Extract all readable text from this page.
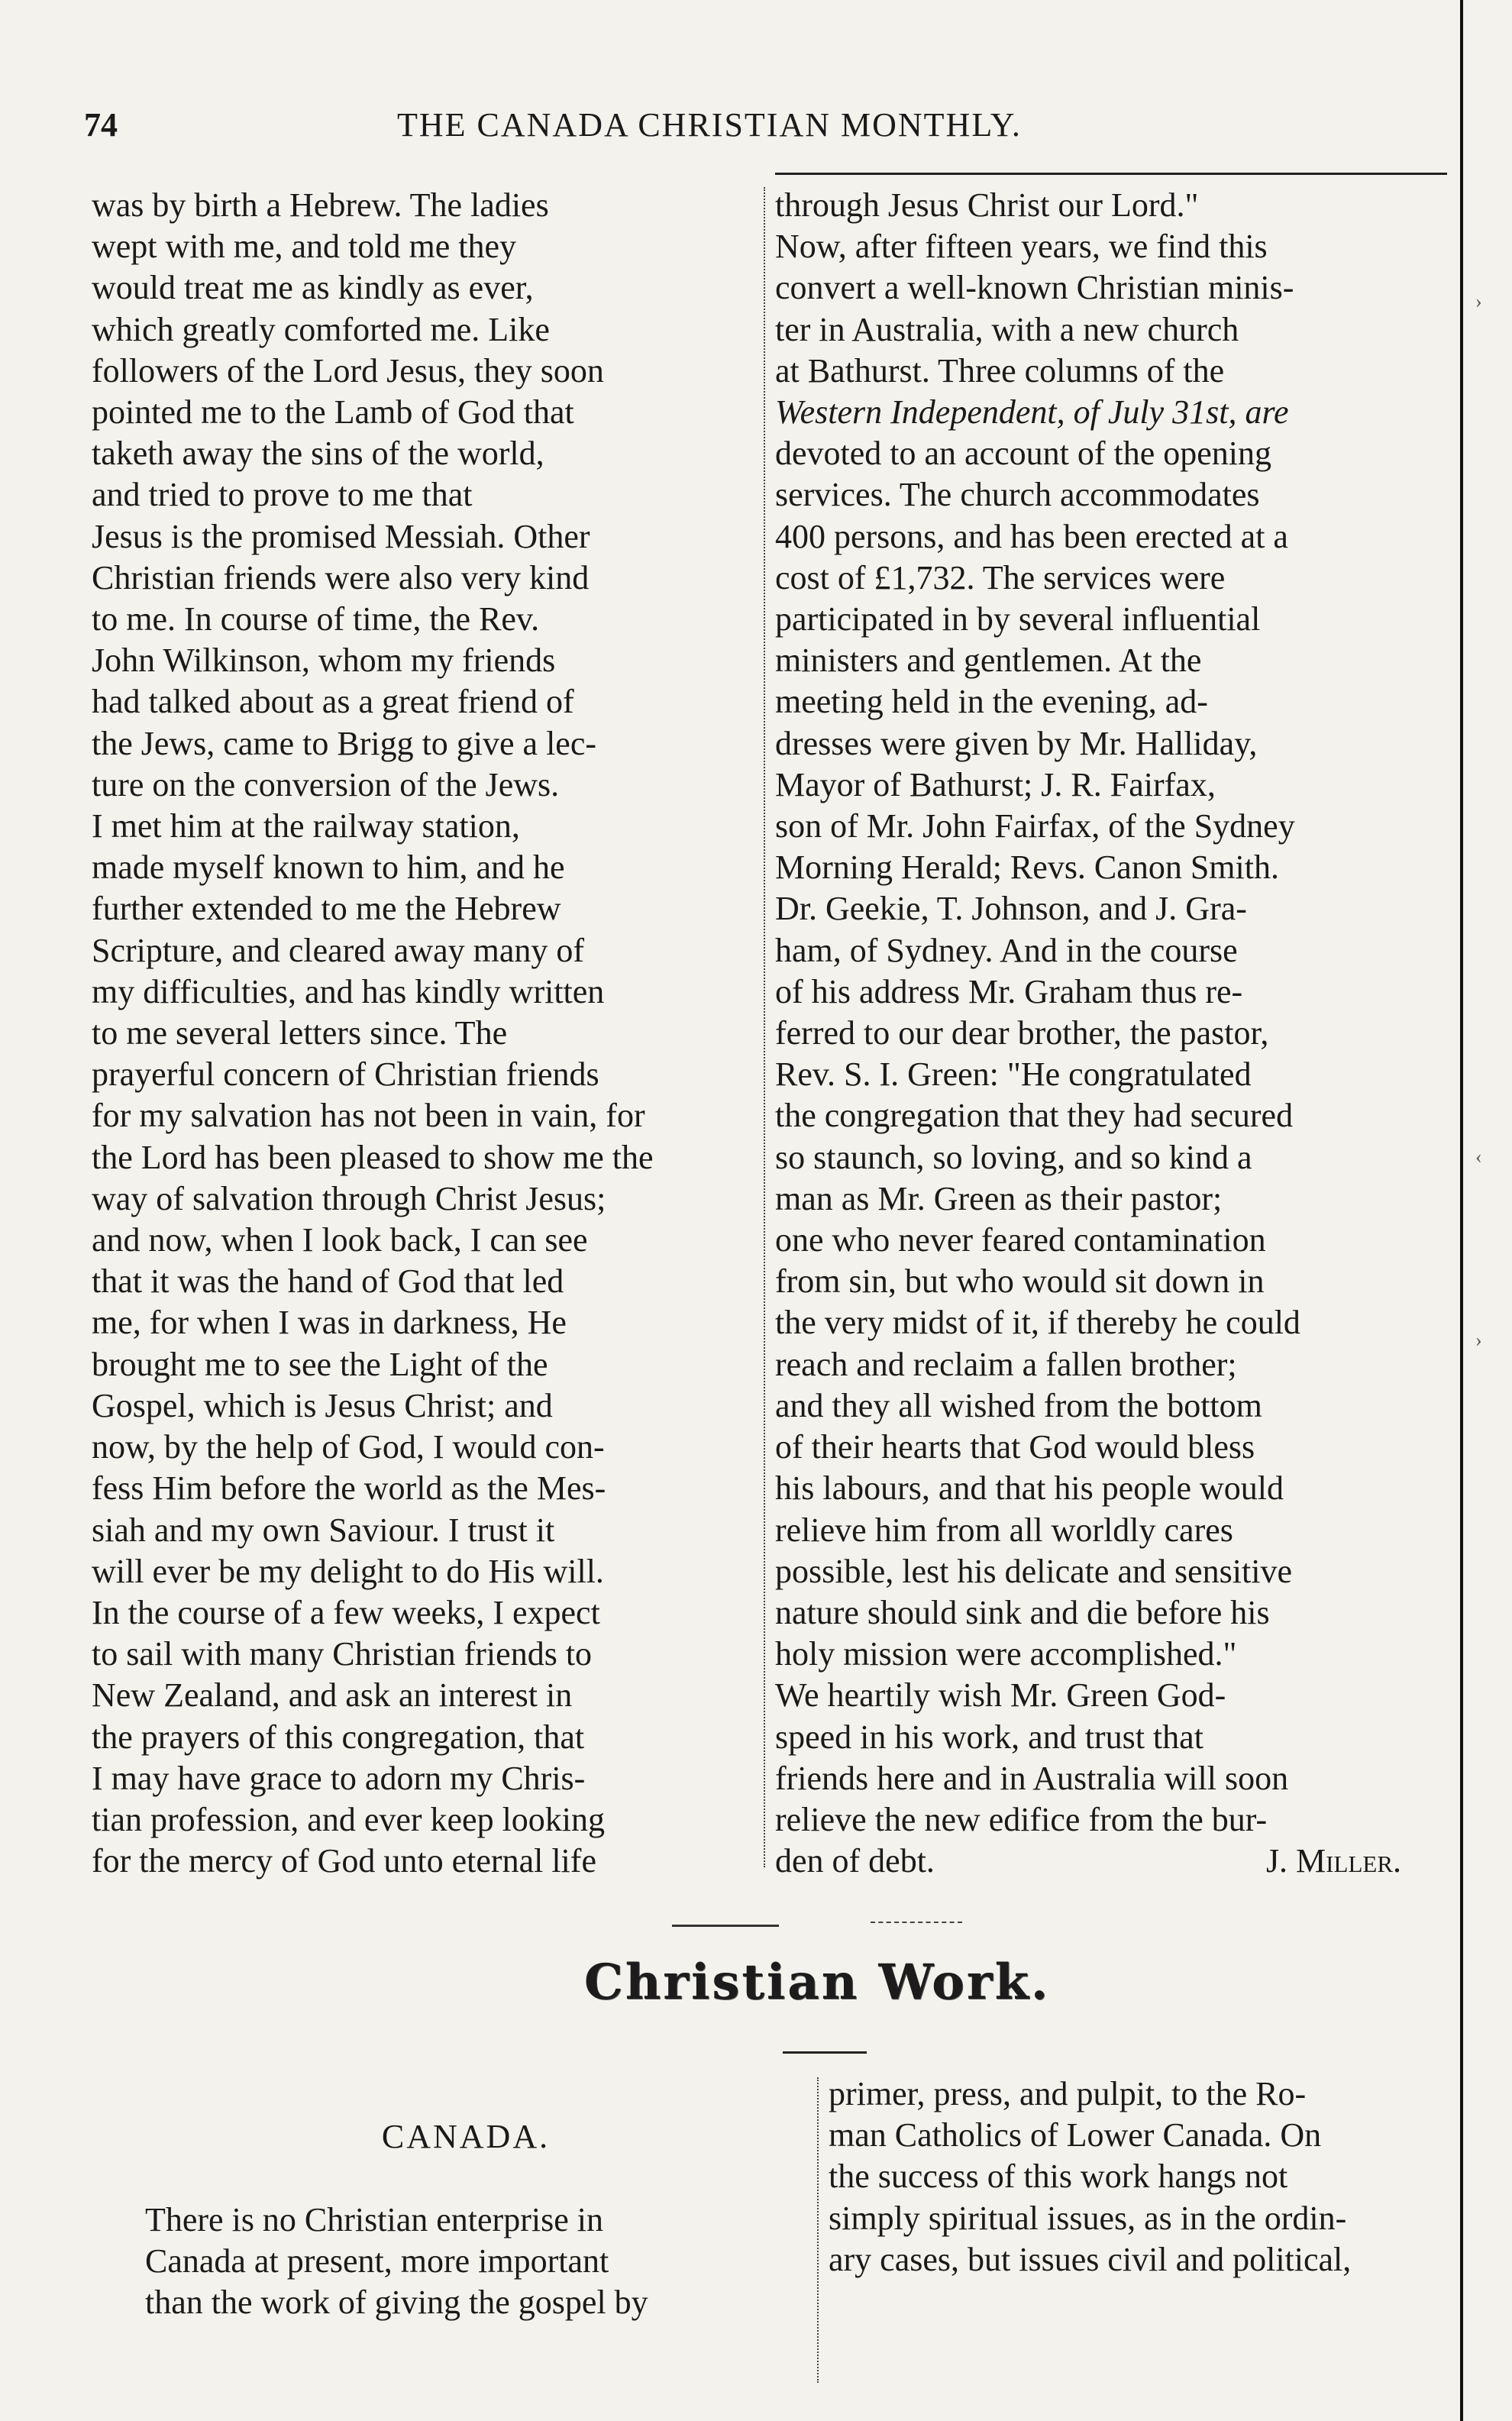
74	THE CANADA CHRISTIAN MONTHLY.
›
‹
›
was by birth a Hebrew. The ladies
wept with me, and told me they
would treat me as kindly as ever,
which greatly comforted me. Like
followers of the Lord Jesus, they soon
pointed me to the Lamb of God that
taketh away the sins of the world,
and tried to prove to me that
Jesus is the promised Messiah. Other
Christian friends were also very kind
to me. In course of time, the Rev.
John Wilkinson, whom my friends
had talked about as a great friend of
the Jews, came to Brigg to give a lec-
ture on the conversion of the Jews.
I met him at the railway station,
made myself known to him, and he
further extended to me the Hebrew
Scripture, and cleared away many of
my difficulties, and has kindly written
to me several letters since. The
prayerful concern of Christian friends
for my salvation has not been in vain, for
the Lord has been pleased to show me the
way of salvation through Christ Jesus;
and now, when I look back, I can see
that it was the hand of God that led
me, for when I was in darkness, He
brought me to see the Light of the
Gospel, which is Jesus Christ; and
now, by the help of God, I would con-
fess Him before the world as the Mes-
siah and my own Saviour. I trust it
will ever be my delight to do His will.
In the course of a few weeks, I expect
to sail with many Christian friends to
New Zealand, and ask an interest in
the prayers of this congregation, that
I may have grace to adorn my Chris-
tian profession, and ever keep looking
for the mercy of God unto eternal life
through Jesus Christ our Lord."
Now, after fifteen years, we find this
convert a well-known Christian minis-
ter in Australia, with a new church
at Bathurst. Three columns of the
Western Independent, of July 31st, are
devoted to an account of the opening
services. The church accommodates
400 persons, and has been erected at a
cost of £1,732. The services were
participated in by several influential
ministers and gentlemen. At the
meeting held in the evening, ad-
dresses were given by Mr. Halliday,
Mayor of Bathurst; J. R. Fairfax,
son of Mr. John Fairfax, of the Sydney
Morning Herald; Revs. Canon Smith.
Dr. Geekie, T. Johnson, and J. Gra-
ham, of Sydney. And in the course
of his address Mr. Graham thus re-
ferred to our dear brother, the pastor,
Rev. S. I. Green: "He congratulated
the congregation that they had secured
so staunch, so loving, and so kind a
man as Mr. Green as their pastor;
one who never feared contamination
from sin, but who would sit down in
the very midst of it, if thereby he could
reach and reclaim a fallen brother;
and they all wished from the bottom
of their hearts that God would bless
his labours, and that his people would
relieve him from all worldly cares
possible, lest his delicate and sensitive
nature should sink and die before his
holy mission were accomplished."
We heartily wish Mr. Green God-
speed in his work, and trust that
friends here and in Australia will soon
relieve the new edifice from the bur-
den of debt.	J. Miller.
Christian Work.
CANADA.
There is no Christian enterprise in
Canada at present, more important
than the work of giving the gospel by
primer, press, and pulpit, to the Ro-
man Catholics of Lower Canada. On
the success of this work hangs not
simply spiritual issues, as in the ordin-
ary cases, but issues civil and political,
